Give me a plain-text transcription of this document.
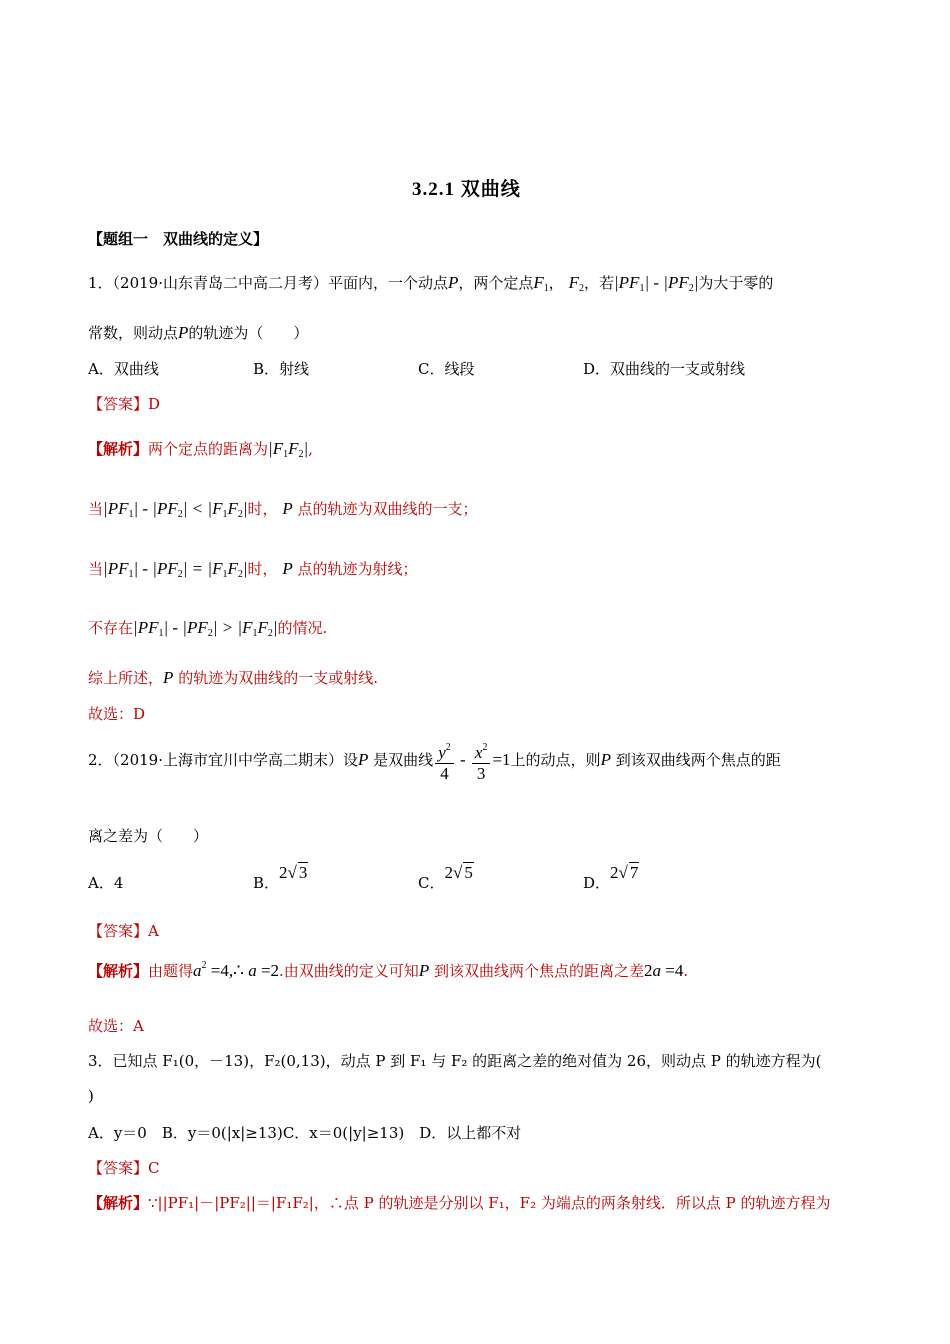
3.2.1 双曲线
【题组一　双曲线的定义】
1．（2019·山东青岛二中高二月考）平面内，一个动点P，两个定点$F_1$， $F_2$，若$|PF_1| - |PF_2|$为大于零的
常数，则动点P的轨迹为（　　）
A．双曲线	B．射线	C．线段	D．双曲线的一支或射线
【答案】D
【解析】两个定点的距离为$|F_1F_2|$,
当$|PF_1| - |PF_2| < |F_1F_2|$时， P 点的轨迹为双曲线的一支；
当$|PF_1| - |PF_2| = |F_1F_2|$时， P 点的轨迹为射线；
不存在$|PF_1| - |PF_2| > |F_1F_2|$的情况.
综上所述，P 的轨迹为双曲线的一支或射线.
故选：D
2．（2019·上海市宜川中学高二期末）设P 是双曲线 $\frac{y^2}{4} - \frac{x^2}{3} =1$上的动点，则P 到该双曲线两个焦点的距
离之差为（　　）
A．4	B．2√ 3
C．2√ 5
D．2√ 7
【答案】A
【解析】由题得$a^2$ =4,∴ a =2.由双曲线的定义可知P 到该双曲线两个焦点的距离之差2a =4.
故选：A
3．已知点 F₁(0，－13)，F₂(0,13)，动点 P 到 F₁ 与 F₂ 的距离之差的绝对值为 26，则动点 P 的轨迹方程为(
)
A．y＝0　B．y＝0(|x|≥13)C．x＝0(|y|≥13)　D．以上都不对
【答案】C
【解析】∵||PF₁|－|PF₂||＝|F₁F₂|，∴点 P 的轨迹是分别以 F₁，F₂ 为端点的两条射线．所以点 P 的轨迹方程为
